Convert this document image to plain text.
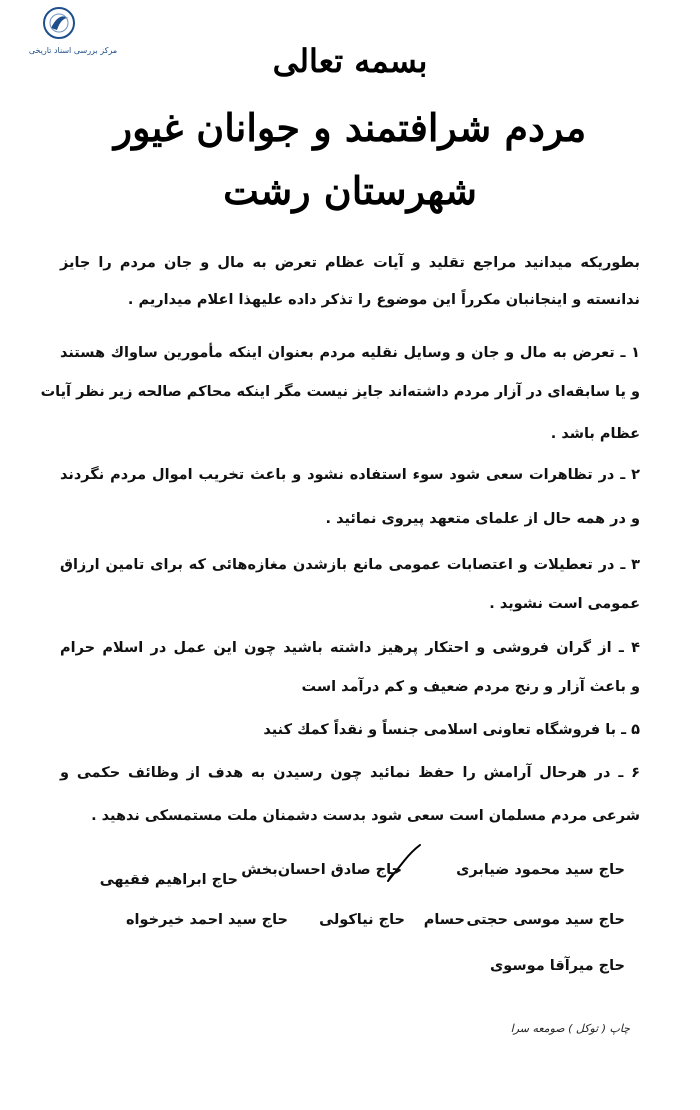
مرکز بررسی اسناد تاریخی	بسمه تعالی
مردم شرافتمند و جوانان غیور
شهرستان رشت
بطوریکه میدانید مراجع تقلید و آیات عظام تعرض به مال و جان مردم را جایز
ندانسته و اینجانبان مکرراً این موضوع را تذکر داده علیهذا اعلام میداریم .
۱ ـ تعرض به مال و جان و وسایل نقلیه مردم بعنوان اینکه مأمورین ساواك هستند
و یا سابقه‌ای در آزار مردم داشته‌اند جایز نیست مگر اینکه محاکم صالحه زیر نظر آیات
عظام باشد .
۲ ـ در تظاهرات سعی شود سوء استفاده نشود و باعث تخریب اموال مردم نگردند
و در همه حال از علمای متعهد پیروی نمائید .
۳ ـ در تعطیلات و اعتصابات عمومی مانع بازشدن مغازه‌هائی که برای تامین ارزاق
عمومی است نشوید .
۴ ـ از گران فروشی و احتکار پرهیز داشته باشید چون این عمل در اسلام حرام
و باعث آزار و رنج مردم ضعیف و کم درآمد است
۵ ـ با فروشگاه تعاونی اسلامی جنساً و نقداً کمك کنید
۶ ـ در هرحال آرامش را حفظ نمائید چون رسیدن به هدف از وظائف حکمی و
شرعی مردم مسلمان است سعی شود بدست دشمنان ملت مستمسکی ندهید .
حاج سید محمود ضیابری
حاج صادق احسان‌بخش
حاج ابراهیم فقیهی
حاج سید موسی حجتی
حسام
حاج نیاکولی
حاج سید احمد خیرخواه
حاج میرآقا موسوی
چاپ ( توکل ) صومعه سرا
